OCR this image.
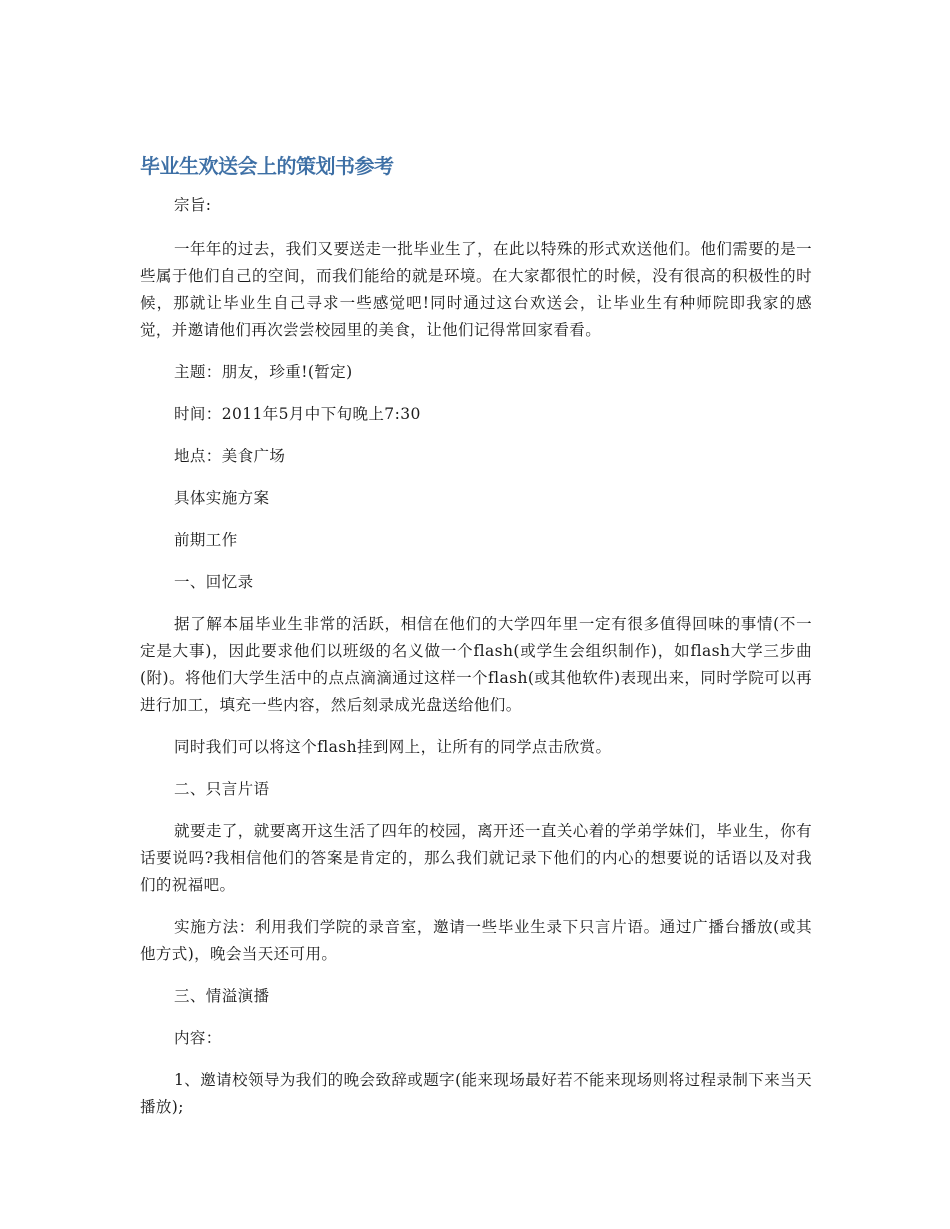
毕业生欢送会上的策划书参考

宗旨:

一年年的过去，我们又要送走一批毕业生了，在此以特殊的形式欢送他们。他们需要的是一些属于他们自己的空间，而我们能给的就是环境。在大家都很忙的时候，没有很高的积极性的时候，那就让毕业生自己寻求一些感觉吧!同时通过这台欢送会，让毕业生有种师院即我家的感觉，并邀请他们再次尝尝校园里的美食，让他们记得常回家看看。

主题：朋友，珍重!(暂定)

时间：2011年5月中下旬晚上7:30

地点：美食广场

具体实施方案

前期工作

一、回忆录

据了解本届毕业生非常的活跃，相信在他们的大学四年里一定有很多值得回味的事情(不一定是大事)，因此要求他们以班级的名义做一个flash(或学生会组织制作)，如flash大学三步曲(附)。将他们大学生活中的点点滴滴通过这样一个flash(或其他软件)表现出来，同时学院可以再进行加工，填充一些内容，然后刻录成光盘送给他们。

同时我们可以将这个flash挂到网上，让所有的同学点击欣赏。

二、只言片语

就要走了，就要离开这生活了四年的校园，离开还一直关心着的学弟学妹们，毕业生，你有话要说吗?我相信他们的答案是肯定的，那么我们就记录下他们的内心的想要说的话语以及对我们的祝福吧。

实施方法：利用我们学院的录音室，邀请一些毕业生录下只言片语。通过广播台播放(或其他方式)，晚会当天还可用。

三、情溢演播

内容：

1、邀请校领导为我们的晚会致辞或题字(能来现场最好若不能来现场则将过程录制下来当天播放);
